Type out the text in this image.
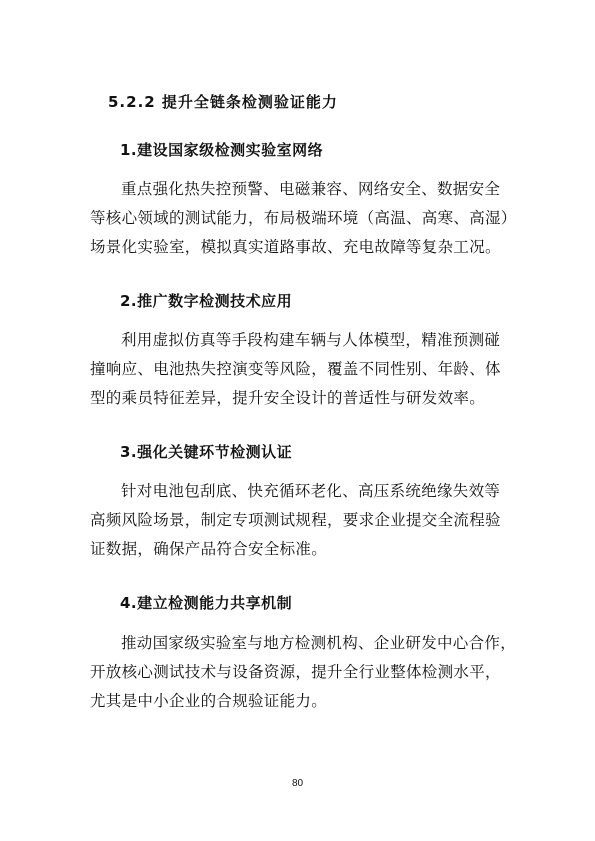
5.2.2 提升全链条检测验证能力
1.建设国家级检测实验室网络
重点强化热失控预警、电磁兼容、网络安全、数据安全
等核心领域的测试能力，布局极端环境（高温、高寒、高湿）
场景化实验室，模拟真实道路事故、充电故障等复杂工况。
2.推广数字检测技术应用
利用虚拟仿真等手段构建车辆与人体模型，精准预测碰
撞响应、电池热失控演变等风险，覆盖不同性别、年龄、体
型的乘员特征差异，提升安全设计的普适性与研发效率。
3.强化关键环节检测认证
针对电池包刮底、快充循环老化、高压系统绝缘失效等
高频风险场景，制定专项测试规程，要求企业提交全流程验
证数据，确保产品符合安全标准。
4.建立检测能力共享机制
推动国家级实验室与地方检测机构、企业研发中心合作，
开放核心测试技术与设备资源，提升全行业整体检测水平，
尤其是中小企业的合规验证能力。
80
